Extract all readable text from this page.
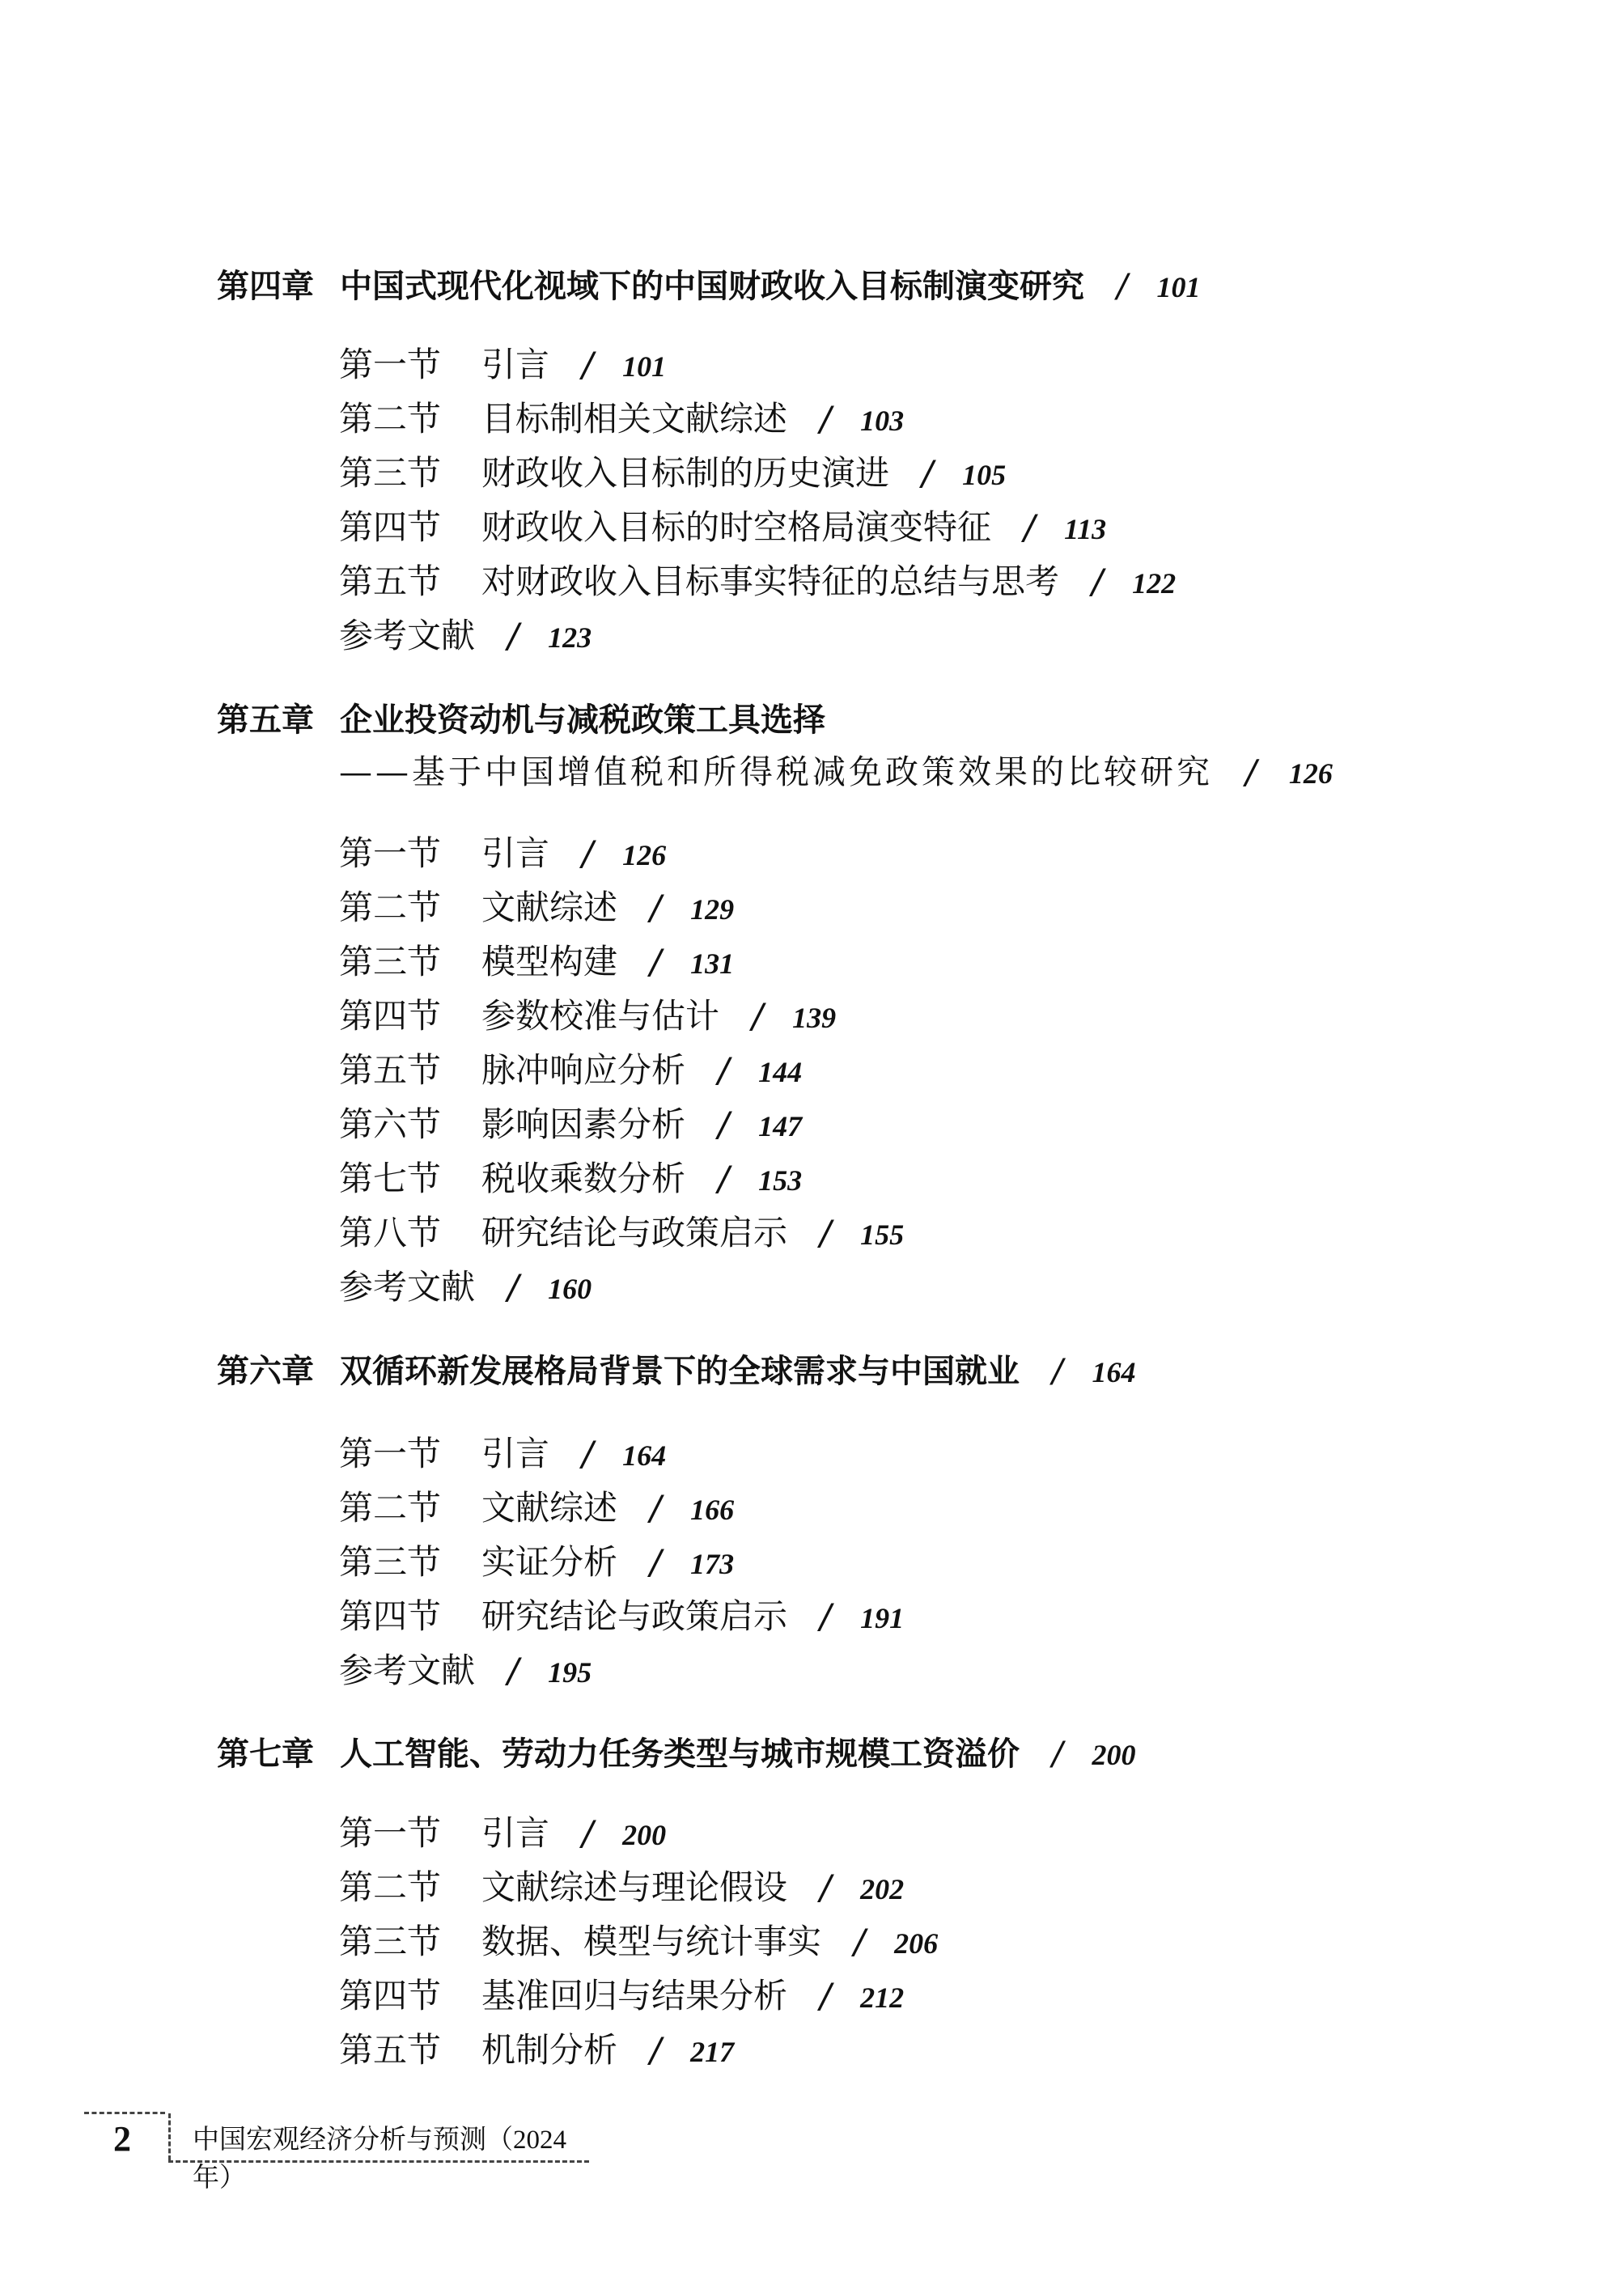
第四章 中国式现代化视域下的中国财政收入目标制演变研究 / 101
第一节 引言 / 101
第二节 目标制相关文献综述 / 103
第三节 财政收入目标制的历史演进 / 105
第四节 财政收入目标的时空格局演变特征 / 113
第五节 对财政收入目标事实特征的总结与思考 / 122
参考文献 / 123
第五章 企业投资动机与减税政策工具选择
——基于中国增值税和所得税减免政策效果的比较研究 / 126
第一节 引言 / 126
第二节 文献综述 / 129
第三节 模型构建 / 131
第四节 参数校准与估计 / 139
第五节 脉冲响应分析 / 144
第六节 影响因素分析 / 147
第七节 税收乘数分析 / 153
第八节 研究结论与政策启示 / 155
参考文献 / 160
第六章 双循环新发展格局背景下的全球需求与中国就业 / 164
第一节 引言 / 164
第二节 文献综述 / 166
第三节 实证分析 / 173
第四节 研究结论与政策启示 / 191
参考文献 / 195
第七章 人工智能、劳动力任务类型与城市规模工资溢价 / 200
第一节 引言 / 200
第二节 文献综述与理论假设 / 202
第三节 数据、模型与统计事实 / 206
第四节 基准回归与结果分析 / 212
第五节 机制分析 / 217
2 中国宏观经济分析与预测（2024 年）
